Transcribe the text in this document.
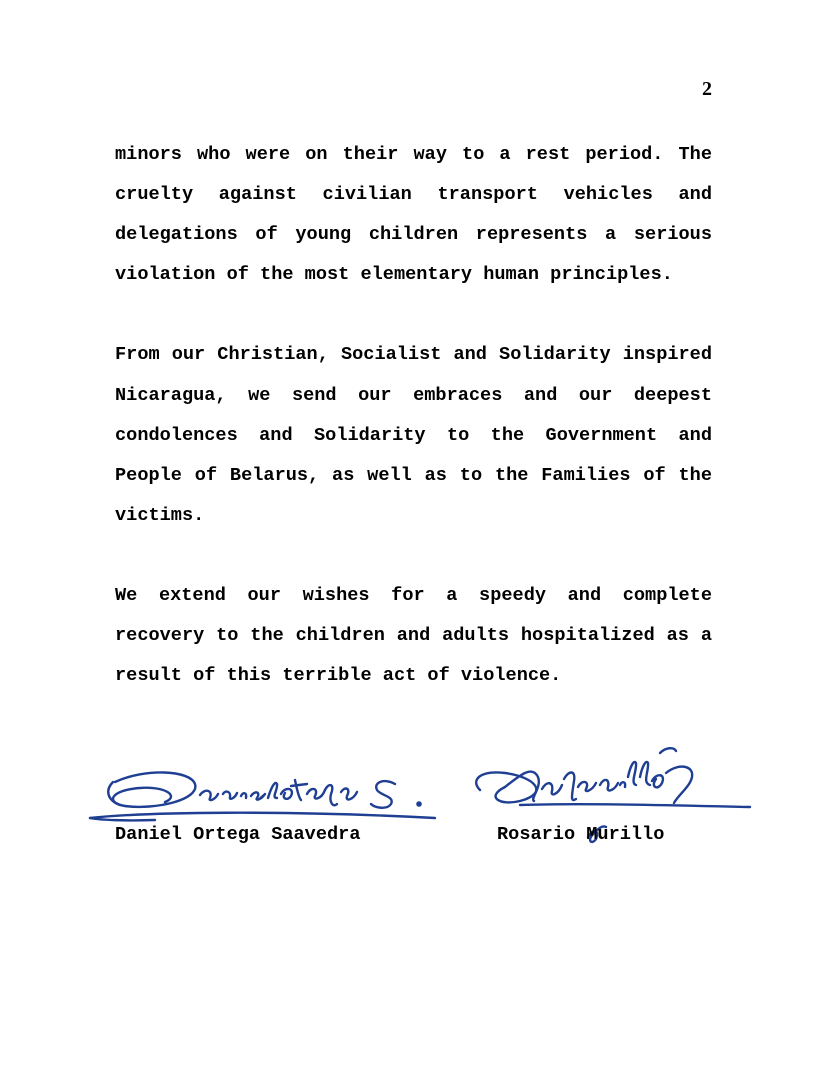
2

minors who were on their way to a rest period. The cruelty against civilian transport vehicles and delegations of young children represents a serious violation of the most elementary human principles.

From our Christian, Socialist and Solidarity inspired Nicaragua, we send our embraces and our deepest condolences and Solidarity to the Government and People of Belarus, as well as to the Families of the victims.

We extend our wishes for a speedy and complete recovery to the children and adults hospitalized as a result of this terrible act of violence.

Daniel Ortega Saavedra	Rosario Murillo
